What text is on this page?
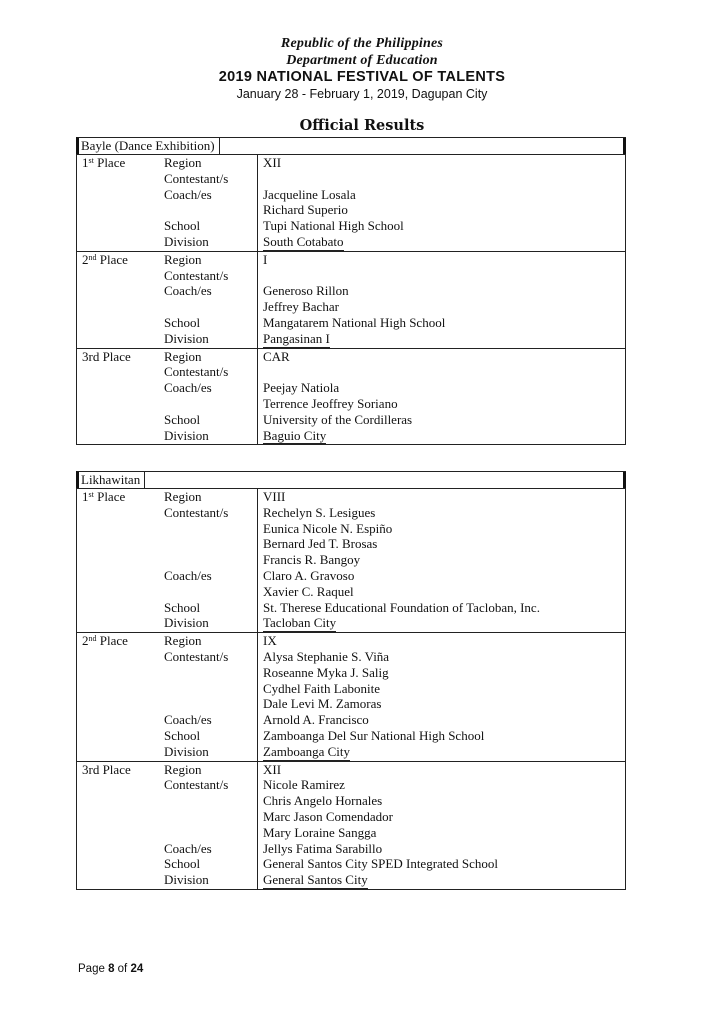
Republic of the Philippines
Department of Education
2019 NATIONAL FESTIVAL OF TALENTS
January 28 - February 1, 2019, Dagupan City
Official Results
Bayle (Dance Exhibition)
1st Place	Region	XII
	Contestant/s	
	Coach/es	Jacqueline Losala
		Richard Superio
	School	Tupi National High School
	Division	South Cotabato
2nd Place	Region	I
	Contestant/s	
	Coach/es	Generoso Rillon
		Jeffrey Bachar
	School	Mangatarem National High School
	Division	Pangasinan I
3rd Place	Region	CAR
	Contestant/s	
	Coach/es	Peejay Natiola
		Terrence Jeoffrey Soriano
	School	University of the Cordilleras
	Division	Baguio City
Likhawitan
1st Place	Region	VIII
	Contestant/s	Rechelyn S. Lesigues
		Eunica Nicole N. Espiño
		Bernard Jed T. Brosas
		Francis R. Bangoy
	Coach/es	Claro A. Gravoso
		Xavier C. Raquel
	School	St. Therese Educational Foundation of Tacloban, Inc.
	Division	Tacloban City
2nd Place	Region	IX
	Contestant/s	Alysa Stephanie S. Viña
		Roseanne Myka J. Salig
		Cydhel Faith Labonite
		Dale Levi M. Zamoras
	Coach/es	Arnold A. Francisco
	School	Zamboanga Del Sur National High School
	Division	Zamboanga City
3rd Place	Region	XII
	Contestant/s	Nicole Ramirez
		Chris Angelo Hornales
		Marc Jason Comendador
		Mary Loraine Sangga
	Coach/es	Jellys Fatima Sarabillo
	School	General Santos City SPED Integrated School
	Division	General Santos City
Page 8 of 24
